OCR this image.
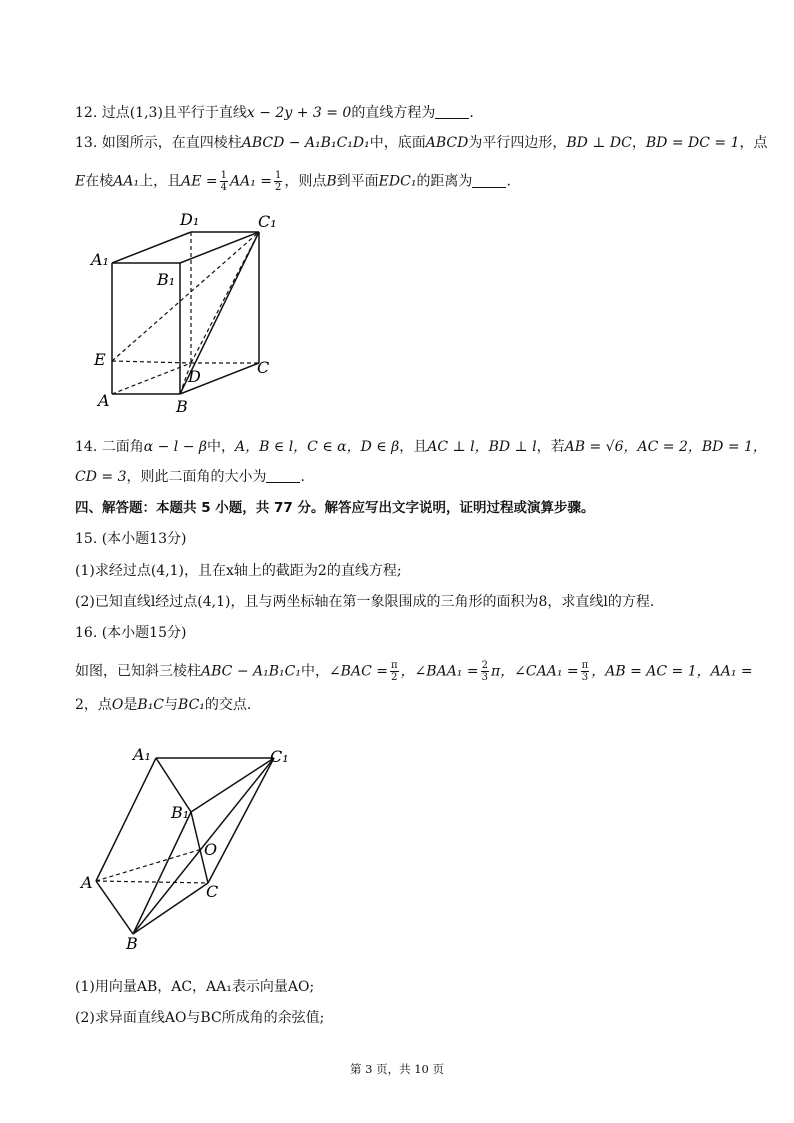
12. 过点(1,3)且平行于直线x − 2y + 3 = 0的直线方程为 .
13. 如图所示，在直四棱柱ABCD − A₁B₁C₁D₁中，底面ABCD为平行四边形，BD ⊥ DC，BD = DC = 1，点
E在棱AA₁上，且AE = $\frac{1}{4} AA_1 = \frac{1}{2}$ ，则点B到平面EDC₁的距离为 .
D₁	C₁
A₁
B₁
E
D	C
A	B
14. 二面角α − l − β中，A，B ∈ l，C ∈ α，D ∈ β，且AC ⊥ l，BD ⊥ l，若AB = √6，AC = 2，BD = 1，
CD = 3，则此二面角的大小为 .
四、解答题：本题共 5 小题，共 77 分。解答应写出文字说明，证明过程或演算步骤。
15. (本小题13分)
(1)求经过点(4,1)，且在x轴上的截距为2的直线方程;
(2)已知直线l经过点(4,1)，且与两坐标轴在第一象限围成的三角形的面积为8，求直线l的方程.
16. (本小题15分)
如图，已知斜三棱柱ABC − A₁B₁C₁中，∠BAC = $\frac{\pi}{2}$ ，∠BAA₁ = $\frac{2}{3}$ π，∠CAA₁ = $\frac{\pi}{3}$ ，AB = AC = 1，AA₁ =
2，点O是B₁C与BC₁的交点.
A₁	C₁
B₁
O
A	C
B
(1)用向量AB，AC，AA₁表示向量AO;
(2)求异面直线AO与BC所成角的余弦值;
第 3 页，共 10 页
